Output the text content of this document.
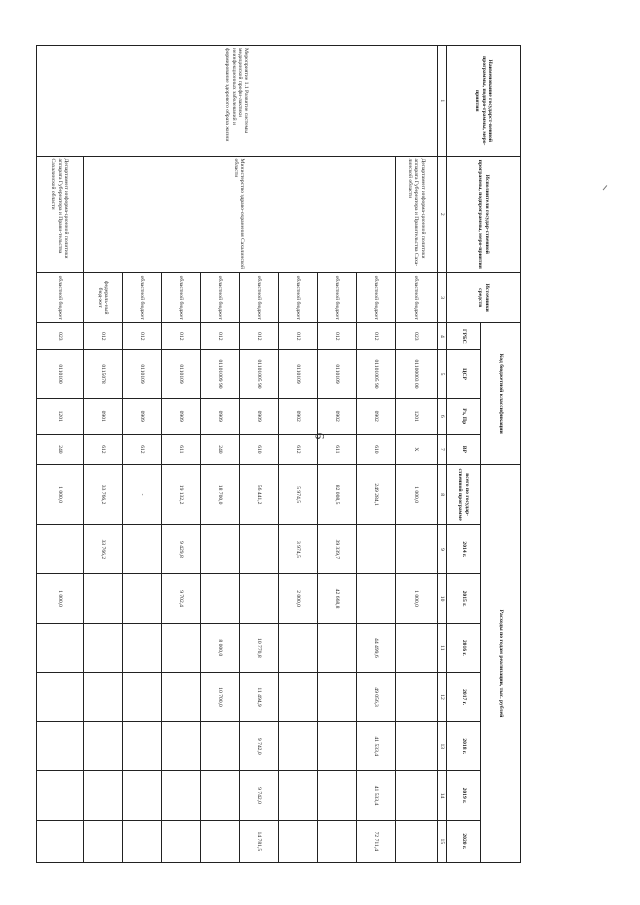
6
Наименование государст-венной программы, подпро-граммы, меро-приятия	Исполнители государ-ственной программы, подпрограммы, меро-приятия	Источники средств	Код бюджетной классификации				Расходы по годам реализации, тыс. рублей							
			ГРБС	ЦСР	Рз, Пр	ВР	всего по государ-ственной программе	2014 г.	2015 г.	2016 г.	2017 г.	2018 г.	2019 г.	2020 г.
1	2	3	4	5	6	7	8	9	10	11	12	13	14	15
Мероприятие 1.1 Развитие системы медицинской профи-лактики неинфекционных заболеваний и формирование здорового образа жизни	Департамент информа-ционной политики аппарата Губернатора и Правительства Саха-линской области	областной бюджет	023	01100003 00	1201	Х	1 000,0		1 000,0					
	Министерство здраво-охранения Сахалинской области	областной бюджет	012	01101005 90	0902	610	249 284,1			44 499,6	49 056,3	41 533,4	41 533,4	72 711,4
		областной бюджет	012	0110109	0902	611	82 008,5	39 339,7	42 668,8					
		областной бюджет	012	0110109	0902	612	5 974,5	3 974,5	2 000,0					
		областной бюджет	012	01101005 90	0909	610	56 441,2			10 770,8	11 494,9	9 742,0	9 742,0	14 781,5
		областной бюджет	012	01101009 90	0909	240	18 700,0			8 000,0	10 700,0			
		областной бюджет	012	0110109	0909	611	19 132,2	9 429,8	9 702,4					
		областной бюджет	012	0110109	0909	612	-							
		федераль-ный бюд-жет	012	0115078	0901	612	33 766,2	33 766,2						
	Департамент информа-ционной политики аппарата Губернатора и Прави-тельства Сахалинской области	областной бюджет	023	0110100	1201	240	1 000,0		1 000,0					
